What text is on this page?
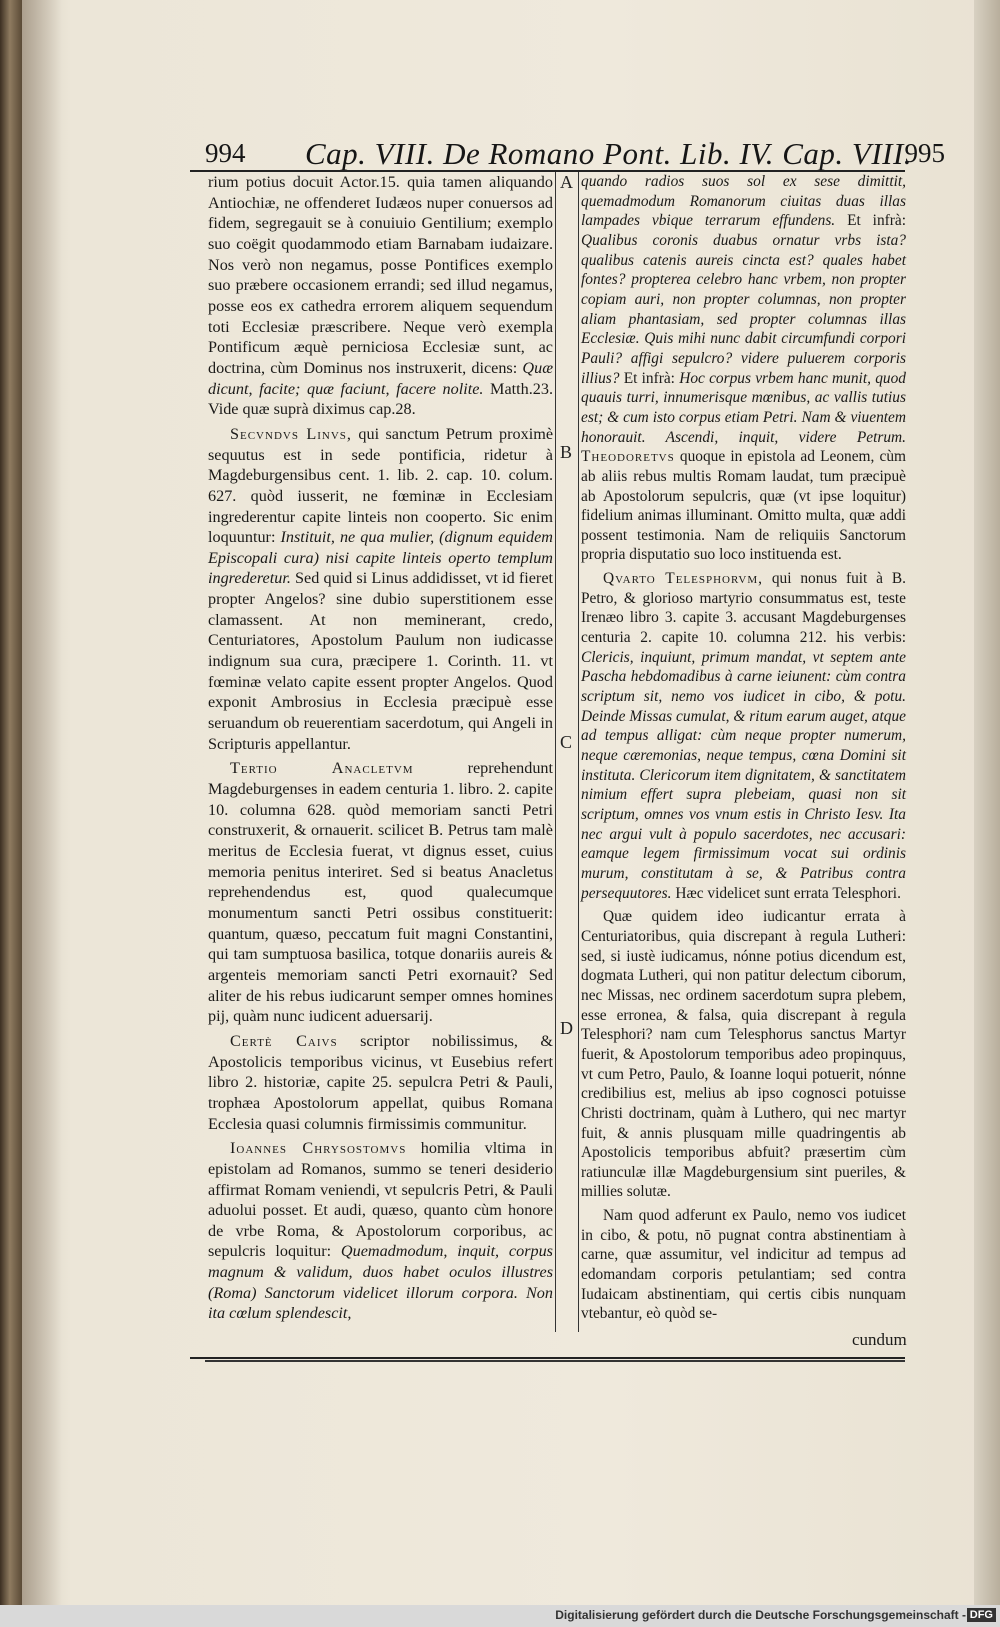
994 Cap. VIII. De Romano Pont. Lib. IV. Cap. VIII.
995
A
B
C
D

rium potius docuit Actor.15. quia tamen aliquando Antiochiæ, ne offenderet Iudæos nuper conuersos ad fidem, segregauit se à conuiuio Gentilium; exemplo suo coëgit quodammodo etiam Barnabam iudaizare. Nos verò non negamus, posse Pontifices exemplo suo præbere occasionem errandi; sed illud negamus, posse eos ex cathedra errorem aliquem sequendum toti Ecclesiæ præscribere. Neque verò exempla Pontificum æquè perniciosa Ecclesiæ sunt, ac doctrina, cùm Dominus nos instruxerit, dicens: Quæ dicunt, facite; quæ faciunt, facere nolite. Matth.23. Vide quæ suprà diximus cap.28.

Secvndvs Linvs, qui sanctum Petrum proximè sequutus est in sede pontificia, ridetur à Magdeburgensibus cent. 1. lib. 2. cap. 10. colum. 627. quòd iusserit, ne fœminæ in Ecclesiam ingrederentur capite linteis non cooperto. Sic enim loquuntur: Instituit, ne qua mulier, (dignum equidem Episcopali cura) nisi capite linteis operto templum ingrederetur. Sed quid si Linus addidisset, vt id fieret propter Angelos? sine dubio superstitionem esse clamassent. At non meminerant, credo, Centuriatores, Apostolum Paulum non iudicasse indignum sua cura, præcipere 1. Corinth. 11. vt fœminæ velato capite essent propter Angelos. Quod exponit Ambrosius in Ecclesia præcipuè esse seruandum ob reuerentiam sacerdotum, qui Angeli in Scripturis appellantur.

Tertio Anacletvm	reprehendunt Magdeburgenses in eadem centuria 1. libro. 2. capite 10. columna 628. quòd memoriam sancti Petri construxerit, & ornauerit. scilicet B. Petrus tam malè meritus de Ecclesia fuerat, vt dignus esset, cuius memoria penitus interiret. Sed si beatus Anacletus reprehendendus est, quod qualecumque monumentum sancti Petri ossibus constituerit: quantum, quæso, peccatum fuit magni Constantini, qui tam sumptuosa basilica, totque donariis aureis & argenteis memoriam sancti Petri exornauit? Sed aliter de his rebus iudicarunt semper omnes homines pij, quàm nunc iudicent aduersarij.

Certè Caivs scriptor nobilissimus, & Apostolicis temporibus vicinus, vt Eusebius refert libro 2. historiæ, capite 25. sepulcra Petri & Pauli, trophæa Apostolorum appellat, quibus Romana Ecclesia quasi columnis firmissimis communitur.

Ioannes Chrysostomvs homilia vltima in epistolam ad Romanos, summo se teneri desiderio affirmat Romam veniendi, vt sepulcris Petri, & Pauli aduolui posset. Et audi, quæso, quanto cùm honore de vrbe Roma, & Apostolorum corporibus, ac sepulcris loquitur: Quemadmodum, inquit, corpus magnum & validum, duos habet oculos illustres (Roma) Sanctorum videlicet illorum corpora. Non ita cœlum splendescit,

quando radios suos sol ex sese dimittit, quemadmodum Romanorum ciuitas duas illas lampades vbique terrarum effundens. Et infrà: Qualibus coronis duabus ornatur vrbs ista? qualibus catenis aureis cincta est? quales habet fontes? propterea celebro hanc vrbem, non propter copiam auri, non propter columnas, non propter aliam phantasiam, sed propter columnas illas Ecclesiæ. Quis mihi nunc dabit circumfundi corpori Pauli? affigi sepulcro? videre puluerem corporis illius? Et infrà: Hoc corpus vrbem hanc munit, quod quauis turri, innumerisque mœnibus, ac vallis tutius est; & cum isto corpus etiam Petri. Nam & viuentem honorauit. Ascendi, inquit, videre Petrum. Theodoretvs quoque in epistola ad Leonem, cùm ab aliis rebus multis Romam laudat, tum præcipuè ab Apostolorum sepulcris, quæ (vt ipse loquitur) fidelium animas illuminant. Omitto multa, quæ addi possent testimonia. Nam de reliquiis Sanctorum propria disputatio suo loco instituenda est.

Qvarto Telesphorvm, qui nonus fuit à B. Petro, & glorioso martyrio consummatus est, teste Irenæo libro 3. capite 3. accusant Magdeburgenses centuria 2. capite 10. columna 212. his verbis: Clericis, inquiunt, primum mandat, vt septem ante Pascha hebdomadibus à carne ieiunent: cùm contra scriptum sit, nemo vos iudicet in cibo, & potu. Deinde Missas cumulat, & ritum earum auget, atque ad tempus alligat: cùm neque propter numerum, neque cæremonias, neque tempus, cœna Domini sit instituta. Clericorum item dignitatem, & sanctitatem nimium effert supra plebeiam, quasi non sit scriptum, omnes vos vnum estis in Christo Iesv. Ita nec argui vult à populo sacerdotes, nec accusari: eamque legem firmissimum vocat sui ordinis murum, constitutam à se, & Patribus contra persequutores. Hæc videlicet sunt errata Telesphori.

Quæ quidem ideo iudicantur errata à Centuriatoribus, quia discrepant à regula Lutheri: sed, si iustè iudicamus, nónne potius dicendum est, dogmata Lutheri, qui non patitur delectum ciborum, nec Missas, nec ordinem sacerdotum supra plebem, esse erronea, & falsa, quia discrepant à regula Telesphori? nam cum Telesphorus sanctus Martyr fuerit, & Apostolorum temporibus adeo propinquus, vt cum Petro, Paulo, & Ioanne loqui potuerit, nónne credibilius est, melius ab ipso cognosci potuisse Christi doctrinam, quàm à Luthero, qui nec martyr fuit, & annis plusquam mille quadringentis ab Apostolicis temporibus abfuit? præsertim cùm ratiunculæ illæ Magdeburgensium sint pueriles, & millies solutæ.

Nam quod adferunt ex Paulo, nemo vos iudicet in cibo, & potu, nō pugnat contra abstinentiam à carne, quæ assumitur, vel indicitur ad tempus ad edomandam corporis petulantiam; sed contra Iudaicam abstinentiam, qui certis cibis nunquam vtebantur, eò quòd se-

cundum
Digitalisierung gefördert durch die Deutsche Forschungsgemeinschaft - DFG
